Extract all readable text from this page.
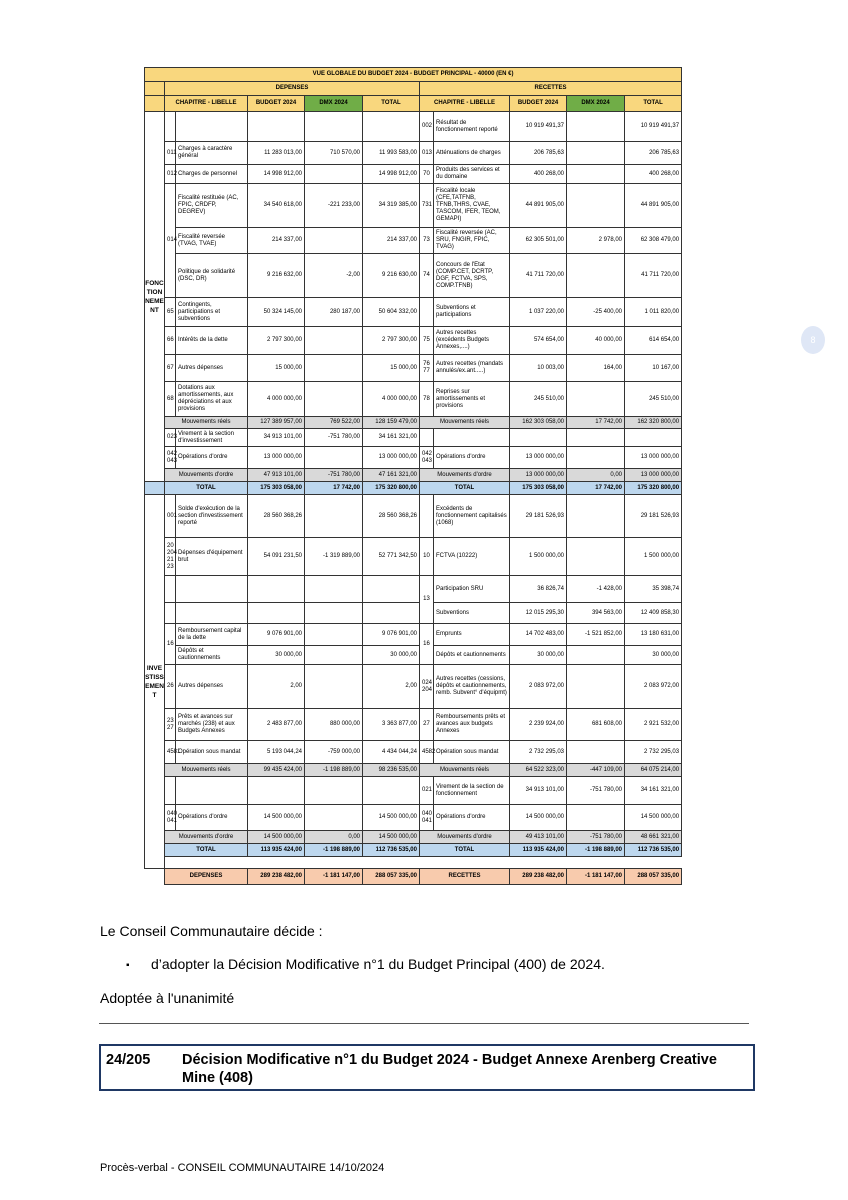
VUE GLOBALE DU BUDGET 2024 - BUDGET PRINCIPAL - 40000 (EN €)										
	DEPENSES					RECETTES				
	CHAPITRE - LIBELLE		BUDGET 2024	DMX 2024	TOTAL	CHAPITRE - LIBELLE		BUDGET 2024	DMX 2024	TOTAL
FONCTIONNEMENT						002	Résultat de fonctionnement reporté	10 919 491,37		10 919 491,37
	011	Charges à caractère général	11 283 013,00	710 570,00	11 993 583,00	013	Atténuations de charges	206 785,63		206 785,63
	012	Charges de personnel	14 998 912,00		14 998 912,00	70	Produits des services et du domaine	400 268,00		400 268,00
	014	Fiscalité restituée (AC, FPIC, CRDFP, DEGREV)	34 540 618,00	-221 233,00	34 319 385,00	731	Fiscalité locale (CFE,TATFNB, TFNB,THRS, CVAE, TASCOM, IFER, TEOM, GEMAPI)	44 891 905,00		44 891 905,00
		Fiscalité reversée (TVAG, TVAE)	214 337,00		214 337,00	73	Fiscalité reversée (AC, SRU, FNGIR, FPIC, TVAG)	62 305 501,00	2 978,00	62 308 479,00
		Politique de solidarité (DSC, DR)	9 216 632,00	-2,00	9 216 630,00	74	Concours de l'Etat (COMP.CET, DCRTP, DGF, FCTVA, SPS, COMP.TFNB)	41 711 720,00		41 711 720,00
	65	Contingents, participations et subventions	50 324 145,00	280 187,00	50 604 332,00		Subventions et participations	1 037 220,00	-25 400,00	1 011 820,00
	66	Intérêts de la dette	2 797 300,00		2 797 300,00	75	Autres recettes (excédents Budgets Annexes,....)	574 654,00	40 000,00	614 654,00
	67	Autres dépenses	15 000,00		15 000,00	76 77	Autres recettes (mandats annulés/ex.ant.....)	10 003,00	164,00	10 167,00
	68	Dotations aux amortissements, aux dépréciations et aux provisions	4 000 000,00		4 000 000,00	78	Reprises sur amortissements et provisions	245 510,00		245 510,00
	Mouvements réels		127 389 957,00	769 522,00	128 159 479,00	Mouvements réels		162 303 058,00	17 742,00	162 320 800,00
	023	Virement à la section d'investissement	34 913 101,00	-751 780,00	34 161 321,00					
	042 043	Opérations d'ordre	13 000 000,00		13 000 000,00	042 043	Opérations d'ordre	13 000 000,00		13 000 000,00
	Mouvements d'ordre		47 913 101,00	-751 780,00	47 161 321,00	Mouvements d'ordre		13 000 000,00	0,00	13 000 000,00
	TOTAL		175 303 058,00	17 742,00	175 320 800,00	TOTAL		175 303 058,00	17 742,00	175 320 800,00
INVESTISSEMENT	001	Solde d'exécution de la section d'investissement reporté	28 560 368,26		28 560 368,26		Excédents de fonctionnement capitalisés (1068)	29 181 526,93		29 181 526,93
	20 204 21 23	Dépenses d'équipement brut	54 091 231,50	-1 319 889,00	52 771 342,50	10	FCTVA (10222)	1 500 000,00		1 500 000,00
						13	Participation SRU	36 826,74	-1 428,00	35 398,74
							Subventions	12 015 295,30	394 563,00	12 409 858,30
	16	Remboursement capital de la dette	9 076 901,00		9 076 901,00	16	Emprunts	14 702 483,00	-1 521 852,00	13 180 631,00
		Dépôts et cautionnements	30 000,00		30 000,00		Dépôts et cautionnements	30 000,00		30 000,00
	26	Autres dépenses	2,00		2,00	024 204	Autres recettes (cessions, dépôts et cautionnements, remb. Subvent° d'équipmt)	2 083 972,00		2 083 972,00
	23 27	Prêts et avances sur marchés (238) et aux Budgets Annexes	2 483 877,00	880 000,00	3 363 877,00	27	Remboursements prêts et avances aux budgets Annexes	2 239 924,00	681 608,00	2 921 532,00
	4581	Opération sous mandat	5 193 044,24	-759 000,00	4 434 044,24	4582	Opération sous mandat	2 732 295,03		2 732 295,03
	Mouvements réels		99 435 424,00	-1 198 889,00	98 236 535,00	Mouvements réels		64 522 323,00	-447 109,00	64 075 214,00
						021	Virement de la section de fonctionnement	34 913 101,00	-751 780,00	34 161 321,00
	040 041	Opérations d'ordre	14 500 000,00		14 500 000,00	040 041	Opérations d'ordre	14 500 000,00		14 500 000,00
	Mouvements d'ordre		14 500 000,00	0,00	14 500 000,00	Mouvements d'ordre		49 413 101,00	-751 780,00	48 661 321,00
	TOTAL		113 935 424,00	-1 198 889,00	112 736 535,00	TOTAL		113 935 424,00	-1 198 889,00	112 736 535,00

	DEPENSES		289 238 482,00	-1 181 147,00	288 057 335,00	RECETTES		289 238 482,00	-1 181 147,00	288 057 335,00
8
Le Conseil Communautaire décide :
▪ d’adopter la Décision Modificative n°1 du Budget Principal (400) de 2024.
Adoptée à l'unanimité
24/205 Décision Modificative n°1 du Budget 2024 - Budget Annexe Arenberg Creative Mine (408)
Procès-verbal - CONSEIL COMMUNAUTAIRE 14/10/2024
